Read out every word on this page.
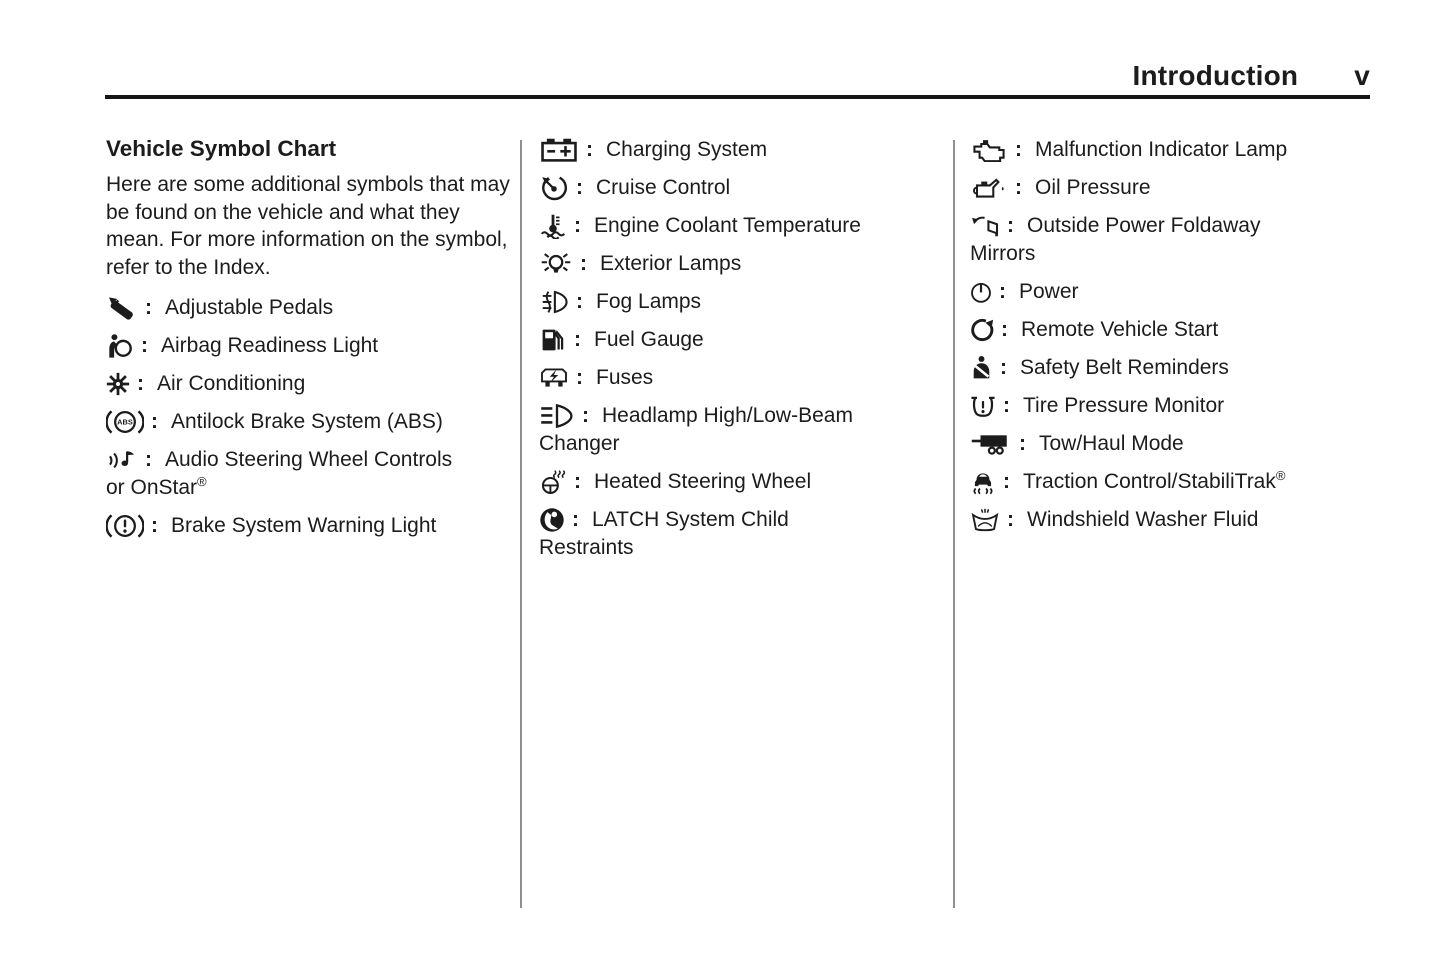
Introduction v
Vehicle Symbol Chart

Here are some additional symbols that may be found on the vehicle and what they mean. For more information on the symbol, refer to the Index.

: Adjustable Pedals
: Airbag Readiness Light
: Air Conditioning
ABS : Antilock Brake System (ABS)
: Audio Steering Wheel Controls
or OnStar®
: Brake System Warning Light
: Charging System
: Cruise Control
: Engine Coolant Temperature
: Exterior Lamps
: Fog Lamps
: Fuel Gauge
: Fuses
: Headlamp High/Low-Beam
Changer
: Heated Steering Wheel
: LATCH System Child
Restraints
: Malfunction Indicator Lamp
: Oil Pressure
: Outside Power Foldaway
Mirrors
: Power
: Remote Vehicle Start
: Safety Belt Reminders
: Tire Pressure Monitor
: Tow/Haul Mode
: Traction Control/StabiliTrak®
: Windshield Washer Fluid
